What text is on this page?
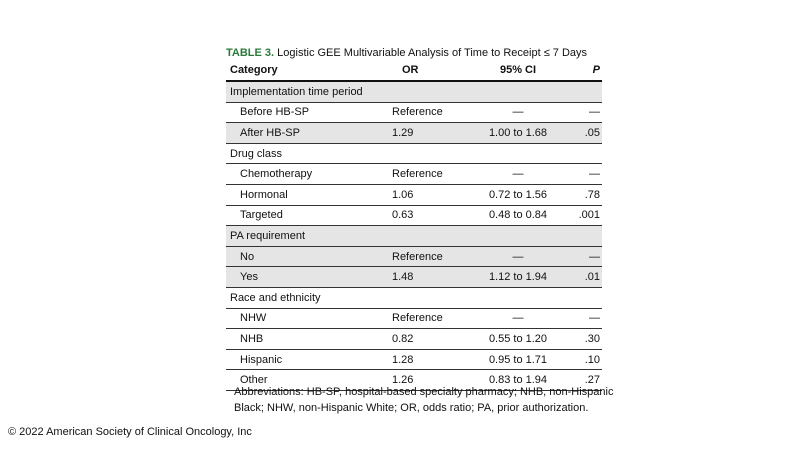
TABLE 3. Logistic GEE Multivariable Analysis of Time to Receipt ≤ 7 Days
Category	OR	95% CI	P
Implementation time period
Before HB-SP	Reference	—	—
After HB-SP	1.29	1.00 to 1.68	.05
Drug class
Chemotherapy	Reference	—	—
Hormonal	1.06	0.72 to 1.56	.78
Targeted	0.63	0.48 to 0.84	.001
PA requirement
No	Reference	—	—
Yes	1.48	1.12 to 1.94	.01
Race and ethnicity
NHW	Reference	—	—
NHB	0.82	0.55 to 1.20	.30
Hispanic	1.28	0.95 to 1.71	.10
Other	1.26	0.83 to 1.94	.27
Abbreviations: HB-SP, hospital-based specialty pharmacy; NHB, non-Hispanic Black; NHW, non-Hispanic White; OR, odds ratio; PA, prior authorization.
© 2022 American Society of Clinical Oncology, Inc
